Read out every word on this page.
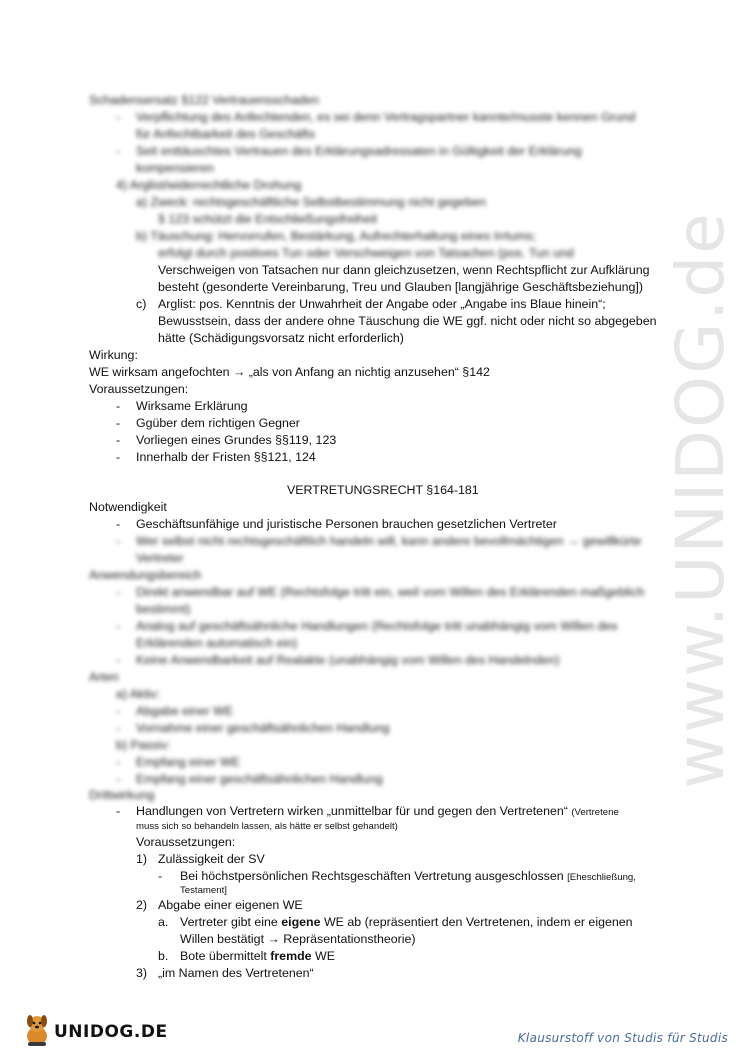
www.UNIDOG.de
Schadensersatz §122 Vertrauensschaden
- Verpflichtung des Anfechtenden, es sei denn Vertragspartner kannte/musste kennen Grund
für Anfechtbarkeit des Geschäfts
- Seit enttäuschtes Vertrauen des Erklärungsadressaten in Gültigkeit der Erklärung
kompensieren
4) Arglist/widerrechtliche Drohung
a) Zweck: rechtsgeschäftliche Selbstbestimmung nicht gegeben
§ 123 schützt die Entschließungsfreiheit
b) Täuschung: Hervorrufen, Bestärkung, Aufrechterhaltung eines Irrtums;
erfolgt durch positives Tun oder Verschweigen von Tatsachen (pos. Tun und
Verschweigen von Tatsachen nur dann gleichzusetzen, wenn Rechtspflicht zur Aufklärung
besteht (gesonderte Vereinbarung, Treu und Glauben [langjährige Geschäftsbeziehung])
c) Arglist: pos. Kenntnis der Unwahrheit der Angabe oder „Angabe ins Blaue hinein“;
Bewusstsein, dass der andere ohne Täuschung die WE ggf. nicht oder nicht so abgegeben
hätte (Schädigungsvorsatz nicht erforderlich)
Wirkung:
WE wirksam angefochten → „als von Anfang an nichtig anzusehen“ §142
Voraussetzungen:
- Wirksame Erklärung
- Ggüber dem richtigen Gegner
- Vorliegen eines Grundes §§119, 123
- Innerhalb der Fristen §§121, 124
VERTRETUNGSRECHT §164-181
Notwendigkeit
- Geschäftsunfähige und juristische Personen brauchen gesetzlichen Vertreter
- Wer selbst nicht rechtsgeschäftlich handeln will, kann andere bevollmächtigen → gewillkürte
Vertreter
Anwendungsbereich
- Direkt anwendbar auf WE (Rechtsfolge tritt ein, weil vom Willen des Erklärenden maßgeblich
bestimmt)
- Analog auf geschäftsähnliche Handlungen (Rechtsfolge tritt unabhängig vom Willen des
Erklärenden automatisch ein)
- Keine Anwendbarkeit auf Realakte (unabhängig vom Willen des Handelnden)
Arten
a) Aktiv:
- Abgabe einer WE
- Vornahme einer geschäftsähnlichen Handlung
b) Passiv:
- Empfang einer WE
- Empfang einer geschäftsähnlichen Handlung
Drittwirkung
- Handlungen von Vertretern wirken „unmittelbar für und gegen den Vertretenen“ (Vertretene
muss sich so behandeln lassen, als hätte er selbst gehandelt)
Voraussetzungen:
1) Zulässigkeit der SV
- Bei höchstpersönlichen Rechtsgeschäften Vertretung ausgeschlossen [Eheschließung,
Testament]
2) Abgabe einer eigenen WE
a. Vertreter gibt eine eigene WE ab (repräsentiert den Vertretenen, indem er eigenen
Willen bestätigt → Repräsentationstheorie)
b. Bote übermittelt fremde WE
3) „im Namen des Vertretenen“
UNIDOG.DE	Klausurstoff von Studis für Studis
